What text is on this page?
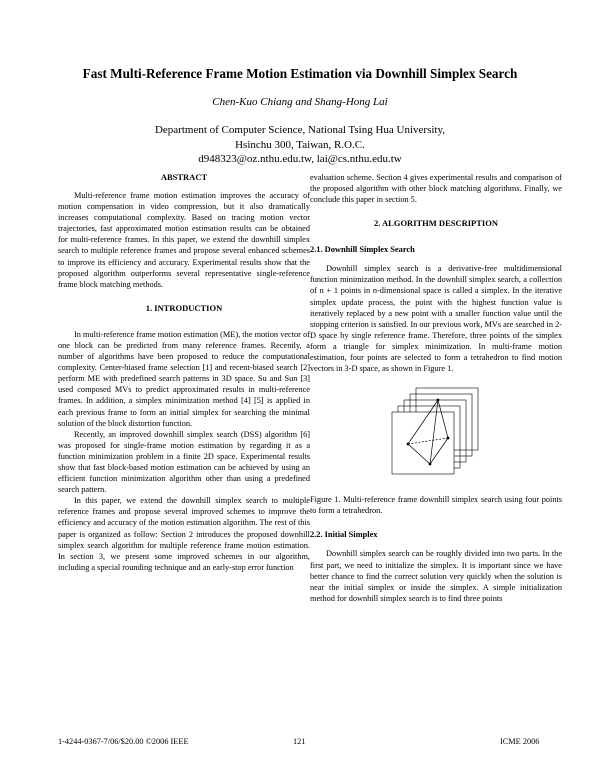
Fast Multi-Reference Frame Motion Estimation via Downhill Simplex Search
Chen-Kuo Chiang and Shang-Hong Lai
Department of Computer Science, National Tsing Hua University,
Hsinchu 300, Taiwan, R.O.C.
d948323@oz.nthu.edu.tw, lai@cs.nthu.edu.tw
ABSTRACT

Multi-reference frame motion estimation improves the accuracy of motion compensation in video compression, but it also dramatically increases computational complexity. Based on tracing motion vector trajectories, fast approximated motion estimation results can be obtained for multi-reference frames. In this paper, we extend the downhill simplex search to multiple reference frames and propose several enhanced schemes to improve its efficiency and accuracy. Experimental results show that the proposed algorithm outperforms several representative single-reference frame block matching methods.

1. INTRODUCTION

In multi-reference frame motion estimation (ME), the motion vector of one block can be predicted from many reference frames. Recently, a number of algorithms have been proposed to reduce the computational complexity. Center-biased frame selection [1] and recent-biased search [2] perform ME with predefined search patterns in 3D space. Su and Sun [3] used composed MVs to predict approximated results in multi-reference frames. In addition, a simplex minimization method [4] [5] is applied in each previous frame to form an initial simplex for searching the minimal solution of the block distortion function.

Recently, an improved downhill simplex search (DSS) algorithm [6] was proposed for single-frame motion estimation by regarding it as a function minimization problem in a finite 2D space. Experimental results show that fast block-based motion estimation can be achieved by using an efficient function minimization algorithm other than using a predefined search pattern.

In this paper, we extend the downhill simplex search to multiple reference frames and propose several improved schemes to improve the efficiency and accuracy of the motion estimation algorithm. The rest of this paper is organized as follow: Section 2 introduces the proposed downhill simplex search algorithm for multiple reference frame motion estimation. In section 3, we present some improved schemes in our algorithm, including a special rounding technique and an early-stop error function

evaluation scheme. Section 4 gives experimental results and comparison of the proposed algorithm with other block matching algorithms. Finally, we conclude this paper in section 5.

2. ALGORITHM DESCRIPTION
2.1. Downhill Simplex Search

Downhill simplex search is a derivative-free multidimensional function minimization method. In the downhill simplex search, a collection of n + 1 points in n-dimensional space is called a simplex. In the iterative simplex update process, the point with the highest function value is iteratively replaced by a new point with a smaller function value until the stopping criterion is satisfied. In our previous work, MVs are searched in 2-D space by single reference frame. Therefore, three points of the simplex form a triangle for simplex minimization. In multi-frame motion estimation, four points are selected to form a tetrahedron to find motion vectors in 3-D space, as shown in Figure 1.

Figure 1. Multi-reference frame downhill simplex search using four points to form a tetrahedron.

2.2. Initial Simplex

Downhill simplex search can be roughly divided into two parts. In the first part, we need to initialize the simplex. It is important since we have better chance to find the correct solution very quickly when the solution is near the initial simplex or inside the simplex. A simple initialization method for downhill simplex search is to find three points

1-4244-0367-7/06/$20.00 ©2006 IEEE	121	ICME 2006
